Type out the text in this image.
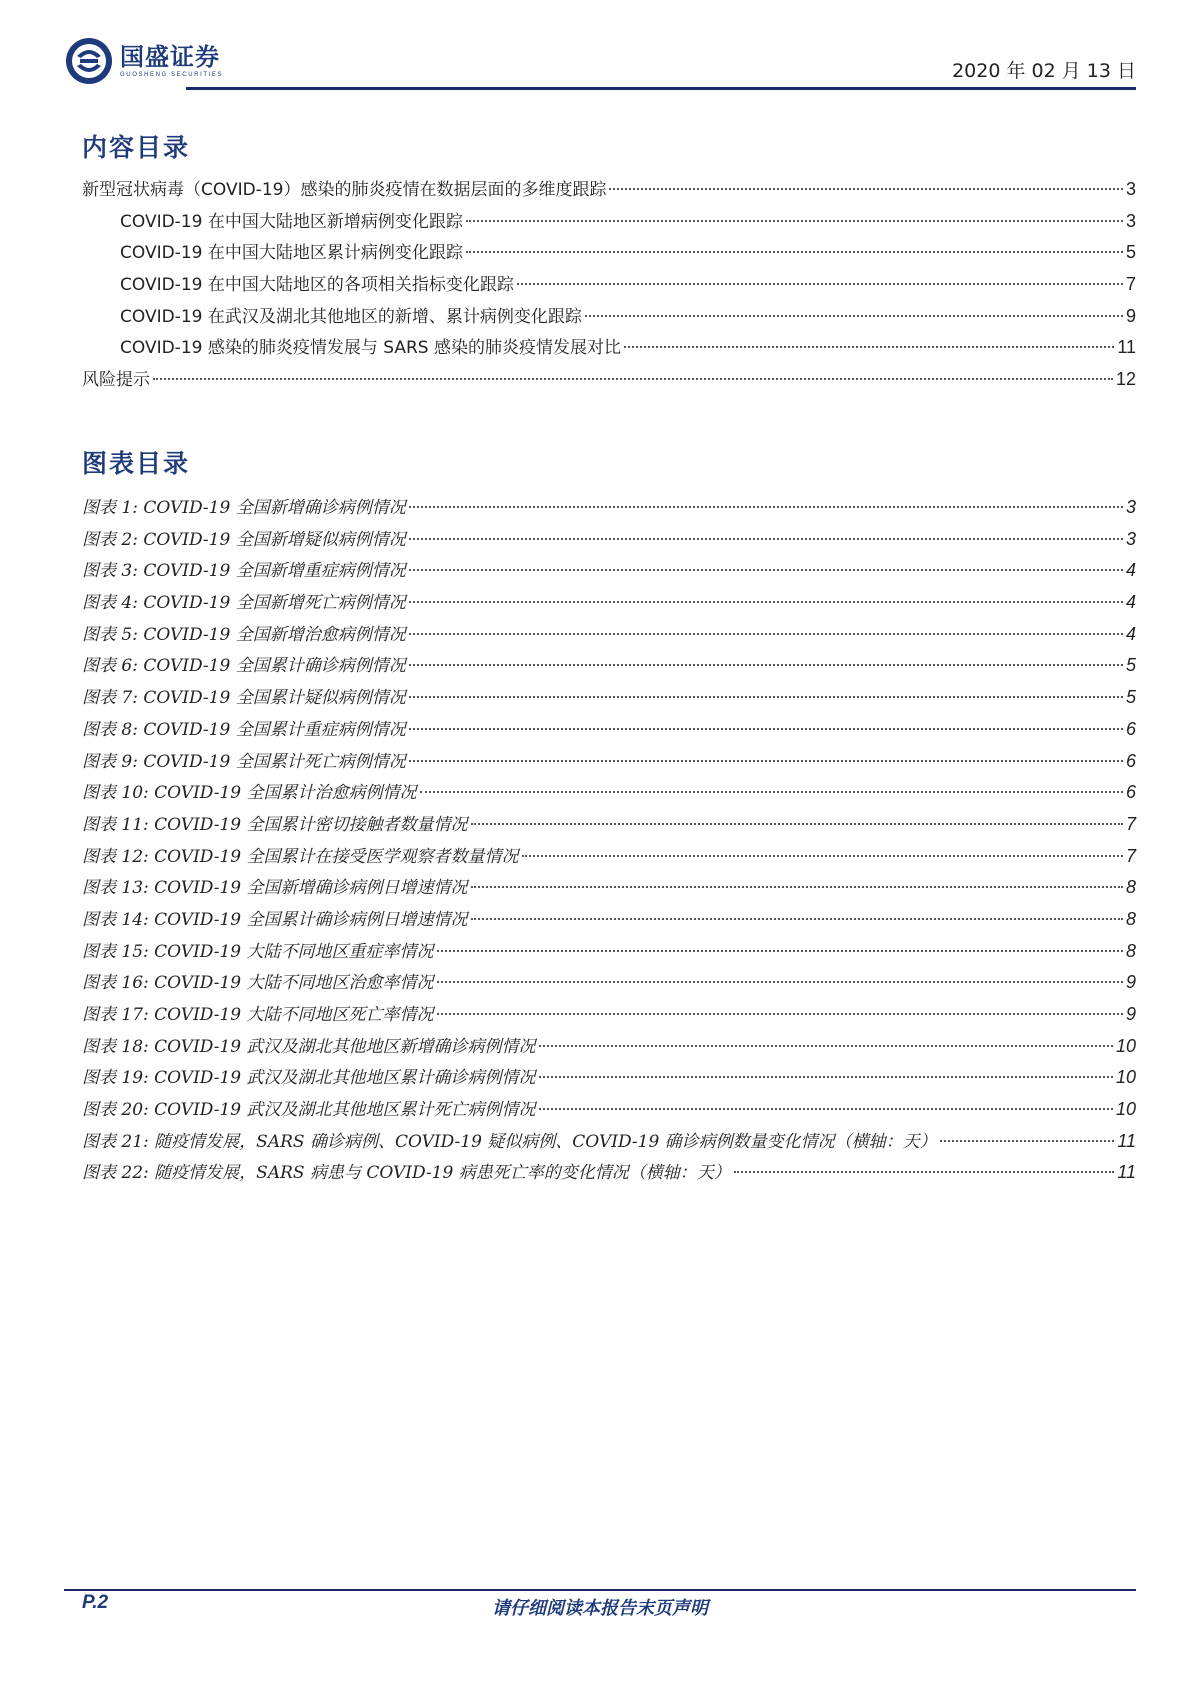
国盛证券
GUOSHENG SECURITIES	2020 年 02 月 13 日
内容目录
新型冠状病毒（COVID-19）感染的肺炎疫情在数据层面的多维度跟踪	3
COVID-19 在中国大陆地区新增病例变化跟踪	3
COVID-19 在中国大陆地区累计病例变化跟踪	5
COVID-19 在中国大陆地区的各项相关指标变化跟踪	7
COVID-19 在武汉及湖北其他地区的新增、累计病例变化跟踪	9
COVID-19 感染的肺炎疫情发展与 SARS 感染的肺炎疫情发展对比	11
风险提示	12
图表目录
图表 1: COVID-19 全国新增确诊病例情况	3
图表 2: COVID-19 全国新增疑似病例情况	3
图表 3: COVID-19 全国新增重症病例情况	4
图表 4: COVID-19 全国新增死亡病例情况	4
图表 5: COVID-19 全国新增治愈病例情况	4
图表 6: COVID-19 全国累计确诊病例情况	5
图表 7: COVID-19 全国累计疑似病例情况	5
图表 8: COVID-19 全国累计重症病例情况	6
图表 9: COVID-19 全国累计死亡病例情况	6
图表 10: COVID-19 全国累计治愈病例情况	6
图表 11: COVID-19 全国累计密切接触者数量情况	7
图表 12: COVID-19 全国累计在接受医学观察者数量情况	7
图表 13: COVID-19 全国新增确诊病例日增速情况	8
图表 14: COVID-19 全国累计确诊病例日增速情况	8
图表 15: COVID-19 大陆不同地区重症率情况	8
图表 16: COVID-19 大陆不同地区治愈率情况	9
图表 17: COVID-19 大陆不同地区死亡率情况	9
图表 18: COVID-19 武汉及湖北其他地区新增确诊病例情况	10
图表 19: COVID-19 武汉及湖北其他地区累计确诊病例情况	10
图表 20: COVID-19 武汉及湖北其他地区累计死亡病例情况	10
图表 21: 随疫情发展，SARS 确诊病例、COVID-19 疑似病例、COVID-19 确诊病例数量变化情况（横轴：天）	11
图表 22: 随疫情发展，SARS 病患与 COVID-19 病患死亡率的变化情况（横轴：天）	11
P.2	请仔细阅读本报告末页声明
